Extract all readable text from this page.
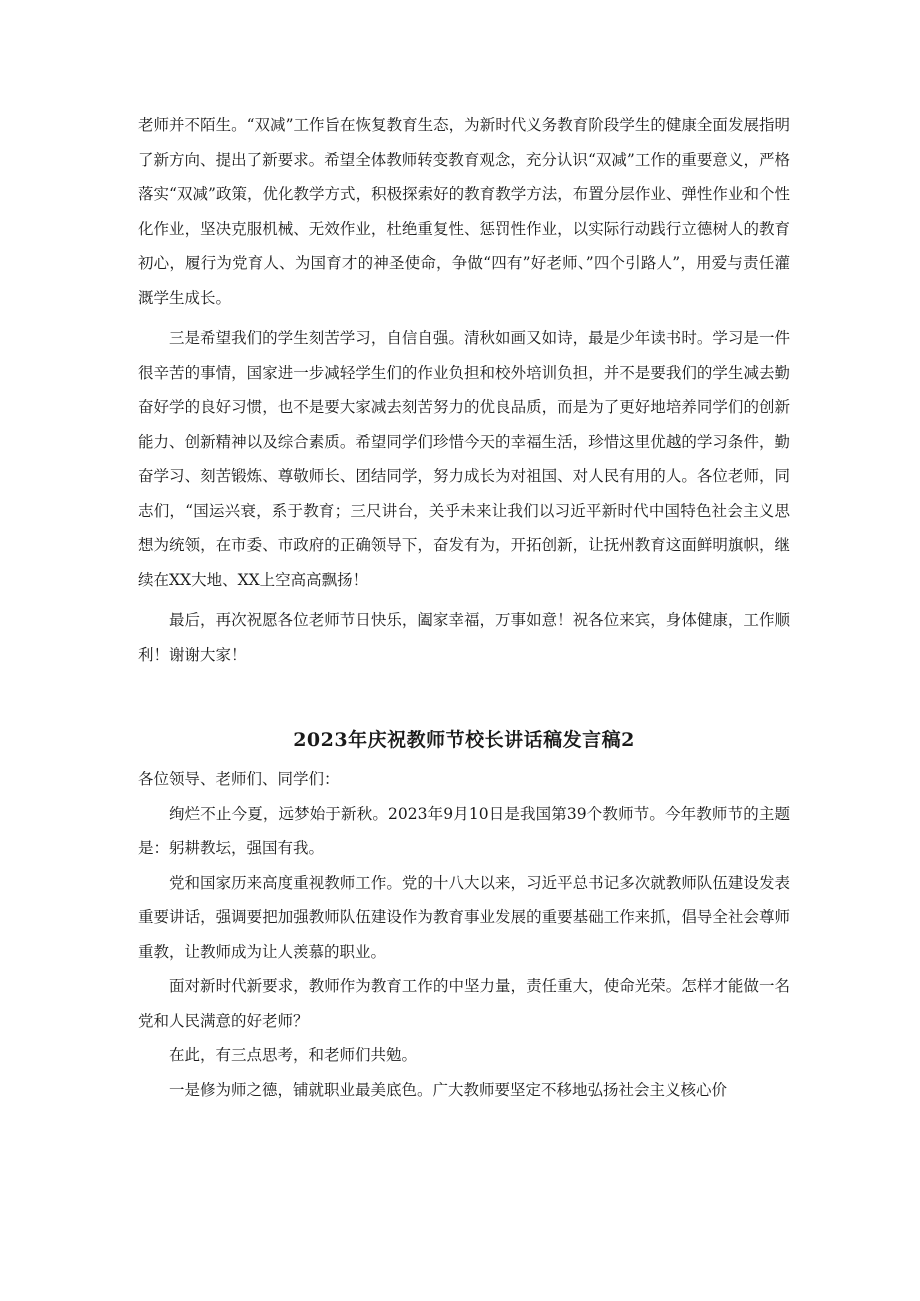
老师并不陌生。“双减”工作旨在恢复教育生态，为新时代义务教育阶段学生的健康全面发展指明了新方向、提出了新要求。希望全体教师转变教育观念，充分认识“双减”工作的重要意义，严格落实“双减”政策，优化教学方式，积极探索好的教育教学方法，布置分层作业、弹性作业和个性化作业，坚决克服机械、无效作业，杜绝重复性、惩罚性作业，以实际行动践行立德树人的教育初心，履行为党育人、为国育才的神圣使命，争做“四有”好老师、”四个引路人”，用爱与责任灌溉学生成长。

三是希望我们的学生刻苦学习，自信自强。清秋如画又如诗，最是少年读书时。学习是一件很辛苦的事情，国家进一步减轻学生们的作业负担和校外培训负担，并不是要我们的学生减去勤奋好学的良好习惯，也不是要大家减去刻苦努力的优良品质，而是为了更好地培养同学们的创新能力、创新精神以及综合素质。希望同学们珍惜今天的幸福生活，珍惜这里优越的学习条件，勤奋学习、刻苦锻炼、尊敬师长、团结同学，努力成长为对祖国、对人民有用的人。各位老师，同志们，“国运兴衰，系于教育；三尺讲台，关乎未来让我们以习近平新时代中国特色社会主义思想为统领，在市委、市政府的正确领导下，奋发有为，开拓创新，让抚州教育这面鲜明旗帜，继续在XX大地、XX上空高高飘扬！

最后，再次祝愿各位老师节日快乐，阖家幸福，万事如意！祝各位来宾，身体健康，工作顺利！谢谢大家！

2023年庆祝教师节校长讲话稿发言稿2

各位领导、老师们、同学们：

绚烂不止今夏，远梦始于新秋。2023年9月10日是我国第39个教师节。今年教师节的主题是：躬耕教坛，强国有我。

党和国家历来高度重视教师工作。党的十八大以来，习近平总书记多次就教师队伍建设发表重要讲话，强调要把加强教师队伍建设作为教育事业发展的重要基础工作来抓，倡导全社会尊师重教，让教师成为让人羡慕的职业。

面对新时代新要求，教师作为教育工作的中坚力量，责任重大，使命光荣。怎样才能做一名党和人民满意的好老师？

在此，有三点思考，和老师们共勉。

一是修为师之德，铺就职业最美底色。广大教师要坚定不移地弘扬社会主义核心价
